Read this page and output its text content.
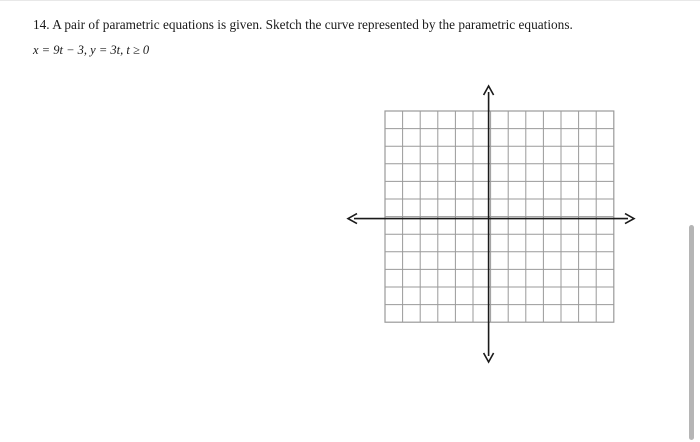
14. A pair of parametric equations is given. Sketch the curve represented by the parametric equations.
x = 9t − 3, y = 3t, t ≥ 0
